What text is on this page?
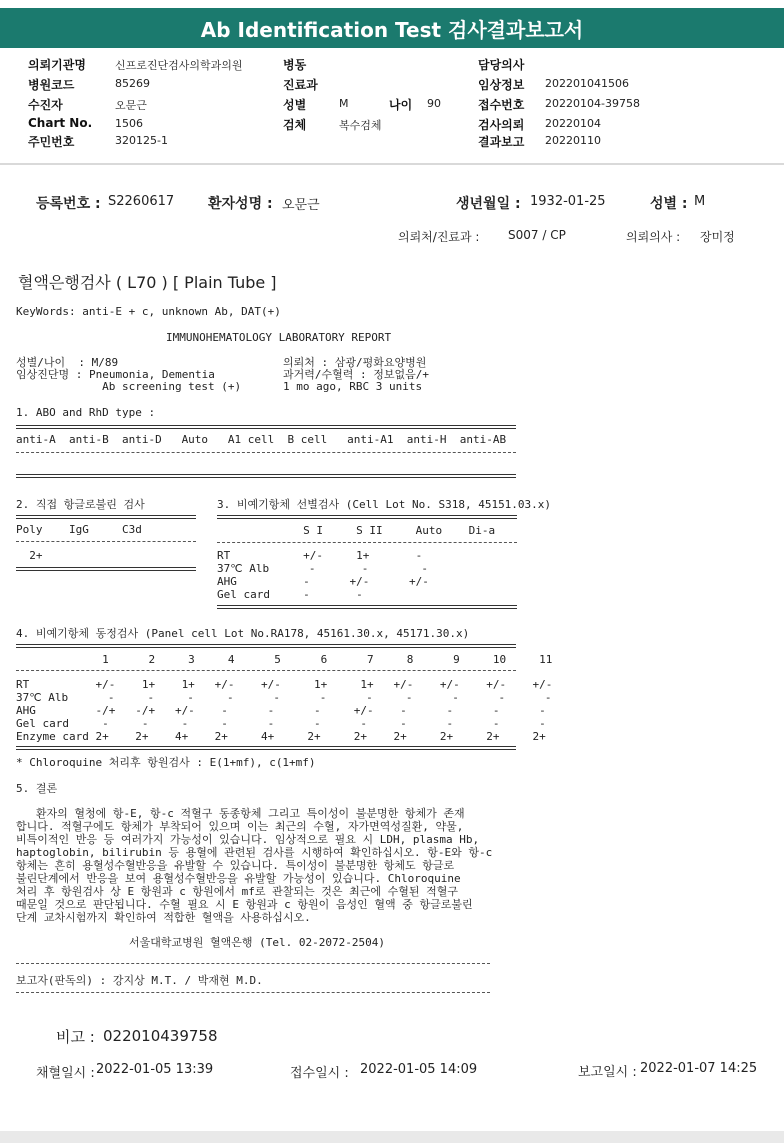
Ab Identification Test 검사결과보고서
의뢰기관명	신프로진단검사의학과의원
병원코드	85269
수진자	오문근
Chart No. 1506
주민번호	320125-1
병동
진료과
성별	M	나이 90
검체	복수검체
담당의사
임상정보 202201041506
접수번호 20220104-39758
검사의뢰 20220104
결과보고 20220110
등록번호 : S2260617 환자성명 : 오문근	생년월일 : 1932-01-25	성별 : M
의뢰처/진료과 : S007 / CP	의뢰의사 : 장미정
혈액은행검사 ( L70 ) [ Plain Tube ]
KeyWords: anti-E + c, unknown Ab, DAT(+)
IMMUNOHEMATOLOGY LABORATORY REPORT
성별/나이  : M/89
임상진단명 : Pneumonia, Dementia
Ab screening test (+)
의뢰처 : 삼광/평화요양병원
과거력/수혈력 : 정보없음/+
1 mo ago, RBC 3 units
1. ABO and RhD type :
anti-A  anti-B  anti-D   Auto   A1 cell  B cell   anti-A1  anti-H  anti-AB
2. 직접 항글로불린 검사
Poly    IgG     C3d
2+
3. 비예기항체 선별검사 (Cell Lot No. S318, 45151.03.x)
S I     S II     Auto    Di-a
RT           +/-     1+       -
37℃ Alb      -       -        -
AHG          -      +/-      +/-
Gel card     -       -
4. 비예기항체 동정검사 (Panel cell Lot No.RA178, 45161.30.x, 45171.30.x)
1      2     3     4      5      6      7     8      9     10     11
RT          +/-    1+    1+   +/-    +/-     1+     1+   +/-    +/-    +/-    +/-
37℃ Alb      -     -     -     -      -      -      -     -      -      -      -
AHG         -/+   -/+   +/-    -      -      -     +/-    -      -      -      -
Gel card     -     -     -     -      -      -      -     -      -      -      -
Enzyme card 2+    2+    4+    2+     4+     2+     2+    2+     2+     2+     2+
* Chloroquine 처리후 항원검사 : E(1+mf), c(1+mf)
5. 결론
환자의 혈청에 항-E, 항-c 적혈구 동종항체 그리고 특이성이 불분명한 항체가 존재
합니다. 적혈구에도 항체가 부착되어 있으며 이는 최근의 수혈, 자가면역성질환, 약물,
비특이적인 반응 등 여러가지 가능성이 있습니다. 임상적으로 필요 시 LDH, plasma Hb,
haptoglobin, bilirubin 등 용혈에 관련된 검사를 시행하여 확인하십시오. 항-E와 항-c
항체는 흔히 용혈성수혈반응을 유발할 수 있습니다. 특이성이 불분명한 항체도 항글로
불린단계에서 반응을 보여 용혈성수혈반응을 유발할 가능성이 있습니다. Chloroquine
처리 후 항원검사 상 E 항원과 c 항원에서 mf로 관찰되는 것은 최근에 수혈된 적혈구
때문일 것으로 판단됩니다. 수혈 필요 시 E 항원과 c 항원이 음성인 혈액 중 항글로불린
단계 교차시험까지 확인하여 적합한 혈액을 사용하십시오.
서울대학교병원 혈액은행 (Tel. 02-2072-2504)
보고자(판독의) : 강지상 M.T. / 박재현 M.D.
비고 : 022010439758
채혈일시 : 2022-01-05 13:39	접수일시 : 2022-01-05 14:09	보고일시 : 2022-01-07 14:25
